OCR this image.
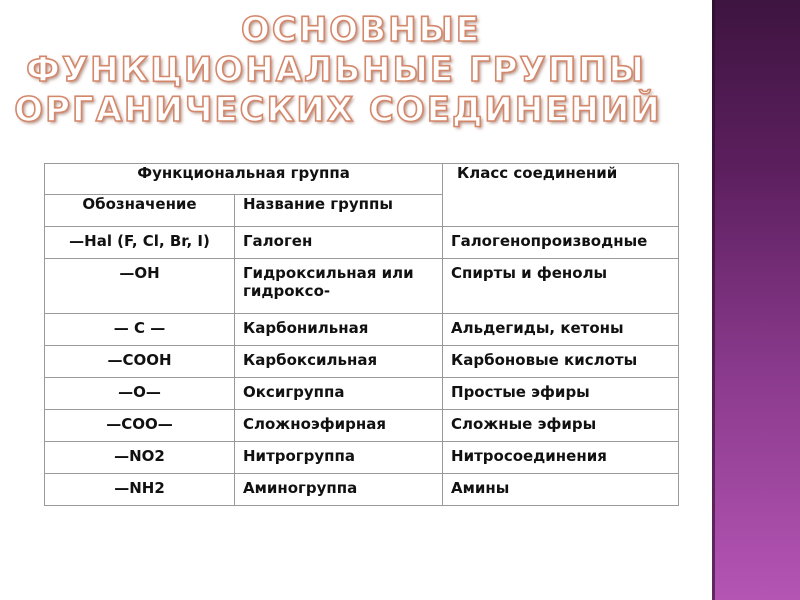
ОСНОВНЫЕ
ФУНКЦИОНАЛЬНЫЕ ГРУППЫ
ОРГАНИЧЕСКИХ СОЕДИНЕНИЙ
Функциональная группа		Класс соединений
Обозначение	Название группы	
—Hal (F, Cl, Br, I)	Галоген	Галогенопроизводные
—OH	Гидроксильная или гидроксо-	Спирты и фенолы
— C —	Карбонильная	Альдегиды, кетоны
—COOH	Карбоксильная	Карбоновые кислоты
—O—	Оксигруппа	Простые эфиры
—COO—	Сложноэфирная	Сложные эфиры
—NO2	Нитрогруппа	Нитросоединения
—NH2	Аминогруппа	Амины
